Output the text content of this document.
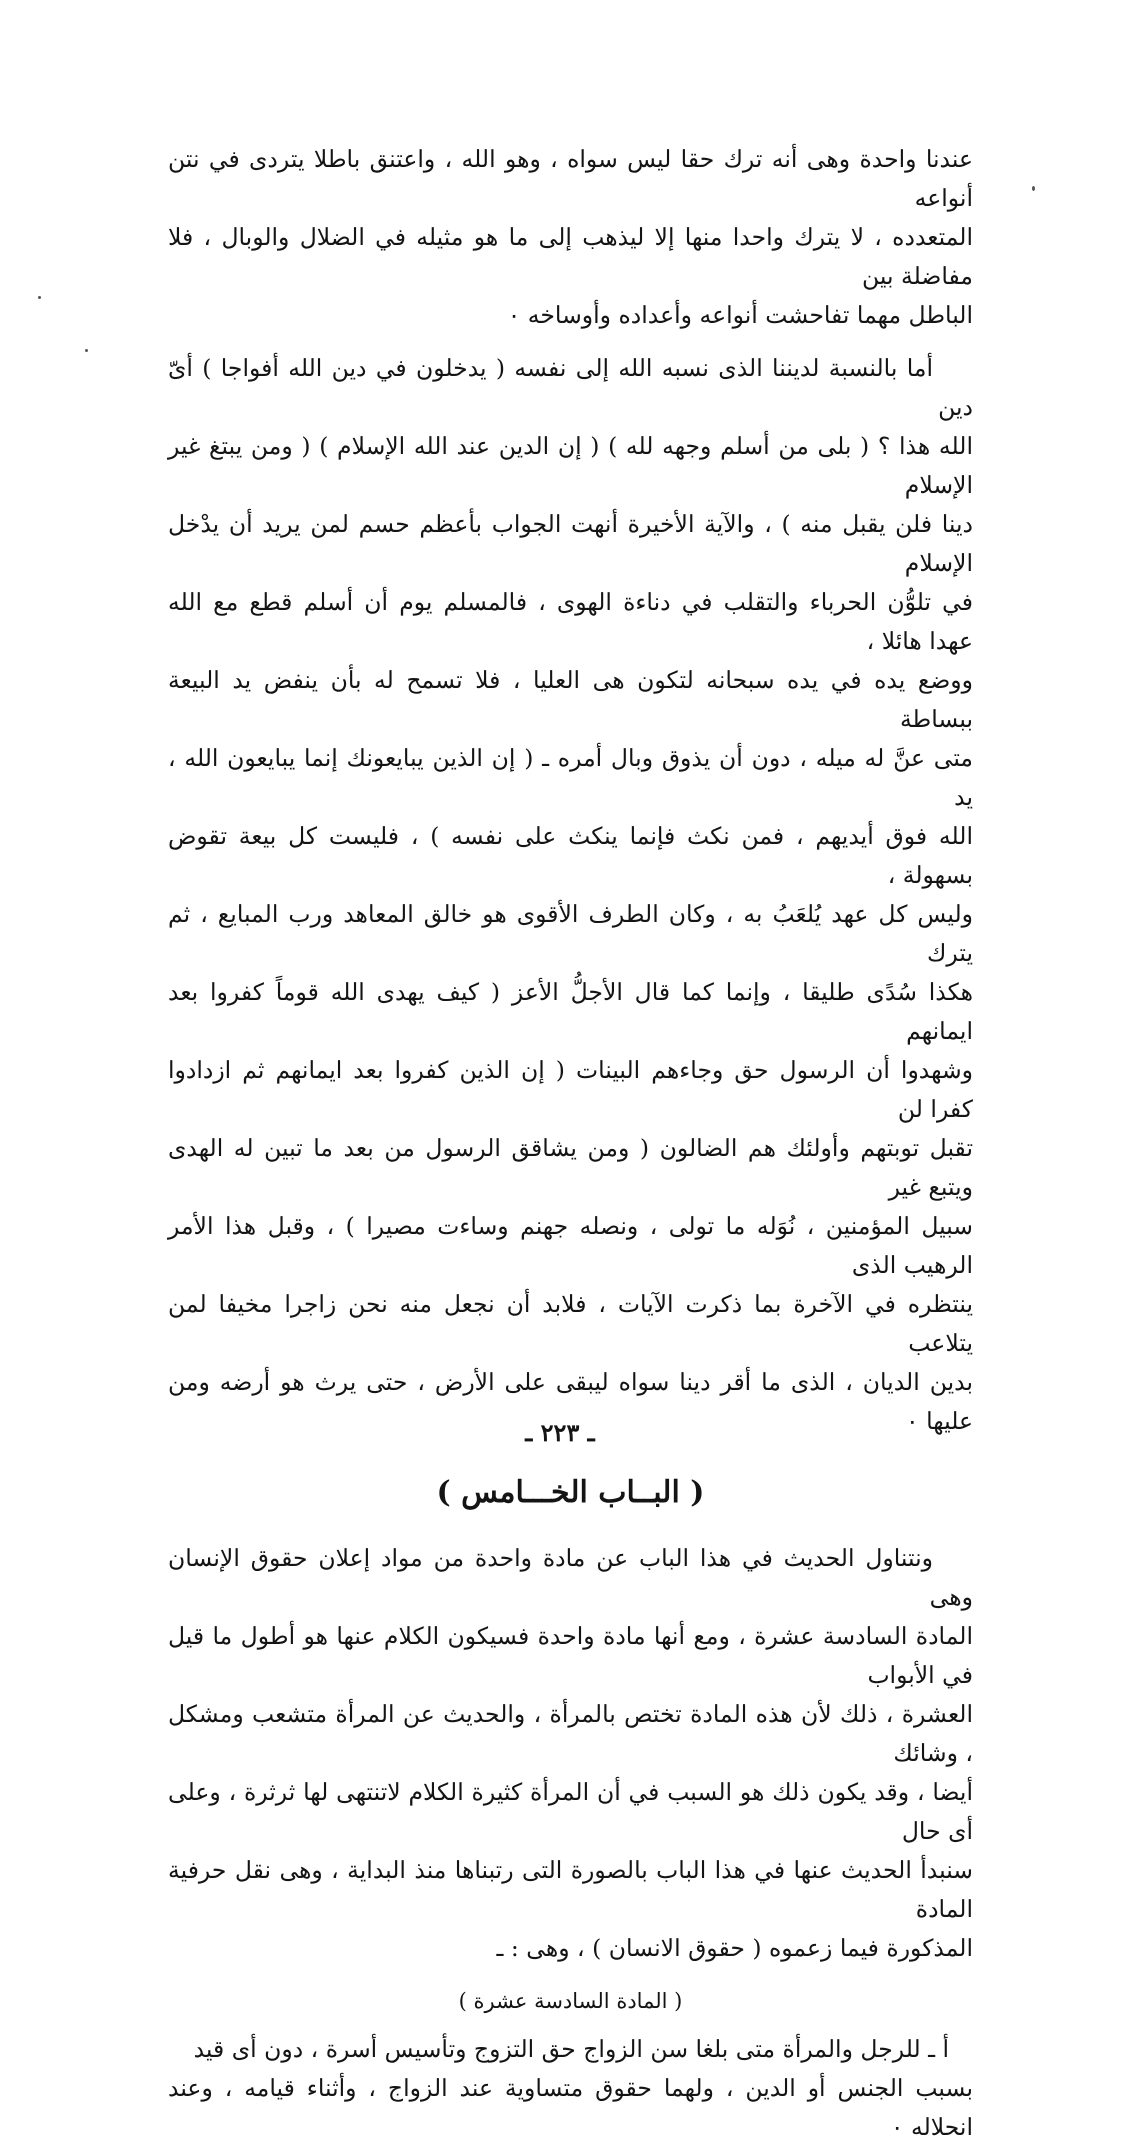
عندنا واحدة وهى أنه ترك حقا ليس سواه ، وهو الله ، واعتنق باطلا يتردى في نتن أنواعه

المتعدده ، لا يترك واحدا منها إلا ليذهب إلى ما هو مثيله في الضلال والوبال ، فلا مفاضلة بين

الباطل مهما تفاحشت أنواعه وأعداده وأوساخه ٠

أما بالنسبة لديننا الذى نسبه الله إلى نفسه ( يدخلون في دين الله أفواجا ) أىّ دين

الله هذا ؟ ( بلى من أسلم وجهه لله ) ( إن الدين عند الله الإسلام ) ( ومن يبتغ غير الإسلام

دينا فلن يقبل منه ) ، والآية الأخيرة أنهت الجواب بأعظم حسم لمن يريد أن يدْخل الإسلام

في تلوُّن الحرباء والتقلب في دناءة الهوى ، فالمسلم يوم أن أسلم قطع مع الله عهدا هائلا ،

ووضع يده في يده سبحانه لتكون هى العليا ، فلا تسمح له بأن ينفض يد البيعة ببساطة

متى عنَّ له ميله ، دون أن يذوق وبال أمره ـ ( إن الذين يبايعونك إنما يبايعون الله ، يد

الله فوق أيديهم ، فمن نكث فإنما ينكث على نفسه ) ، فليست كل بيعة تقوض بسهولة ،

وليس كل عهد يُلعَبُ به ، وكان الطرف الأقوى هو خالق المعاهد ورب المبايع ، ثم يترك

هكذا سُدًى طليقا ، وإنما كما قال الأجلُّ الأعز ( كيف يهدى الله قوماً كفروا بعد ايمانهم

وشهدوا أن الرسول حق وجاءهم البينات ( إن الذين كفروا بعد ايمانهم ثم ازدادوا كفرا لن

تقبل توبتهم وأولئك هم الضالون ( ومن يشاقق الرسول من بعد ما تبين له الهدى ويتبع غير

سبيل المؤمنين ، نُوَله ما تولى ، ونصله جهنم وساءت مصيرا ) ، وقبل هذا الأمر الرهيب الذى

ينتظره في الآخرة بما ذكرت الآيات ، فلابد أن نجعل منه نحن زاجرا مخيفا لمن يتلاعب

بدين الديان ، الذى ما أقر دينا سواه ليبقى على الأرض ، حتى يرث هو أرضه ومن عليها ٠

( البــاب الخـــامس )

ونتناول الحديث في هذا الباب عن مادة واحدة من مواد إعلان حقوق الإنسان وهى

المادة السادسة عشرة ، ومع أنها مادة واحدة فسيكون الكلام عنها هو أطول ما قيل في الأبواب

العشرة ، ذلك لأن هذه المادة تختص بالمرأة ، والحديث عن المرأة متشعب ومشكل ، وشائك

أيضا ، وقد يكون ذلك هو السبب في أن المرأة كثيرة الكلام لاتنتهى لها ثرثرة ، وعلى أى حال

سنبدأ الحديث عنها في هذا الباب بالصورة التى رتبناها منذ البداية ، وهى نقل حرفية المادة

المذكورة فيما زعموه ( حقوق الانسان ) ، وهى : ـ

( المادة السادسة عشرة )

أ ـ للرجل والمرأة متى بلغا سن الزواج حق التزوج وتأسيس أسرة ، دون أى قيد

بسبب الجنس أو الدين ، ولهما حقوق متساوية عند الزواج ، وأثناء قيامه ، وعند انحلاله ٠

ـ ٢٢٣ ـ
